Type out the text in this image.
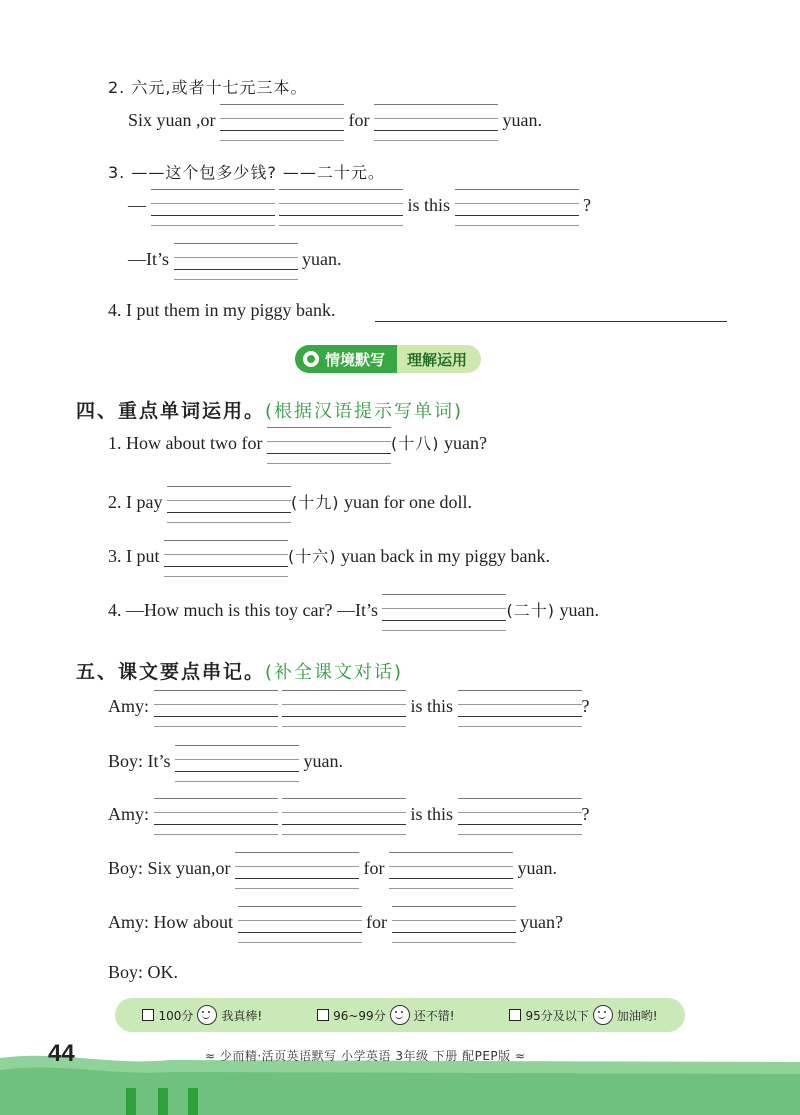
2. 六元,或者十七元三本。
Six yuan ,or	for	yuan.
3. ——这个包多少钱? ——二十元。
—
	is this	?
—It’s	yuan.
4. I put them in my piggy bank.
情境默写	理解运用
四、重点单词运用。(根据汉语提示写单词)
1. How about two for	(十八) yuan?
2. I pay	(十九) yuan for one doll.
3. I put	(十六) yuan back in my piggy bank.
4. —How much is this toy car? —It’s	(二十) yuan.
五、课文要点串记。(补全课文对话)
Amy:
	is this	?
Boy: It’s	yuan.
Amy:
	is this	?
Boy: Six yuan,or	for	yuan.
Amy: How about	for	yuan?
Boy: OK.
100分 我真棒!	96~99分 还不错!	95分及以下 加油哟!
44	≈ 少而精·活页英语默写 小学英语 3年级 下册 配PEP版 ≈
